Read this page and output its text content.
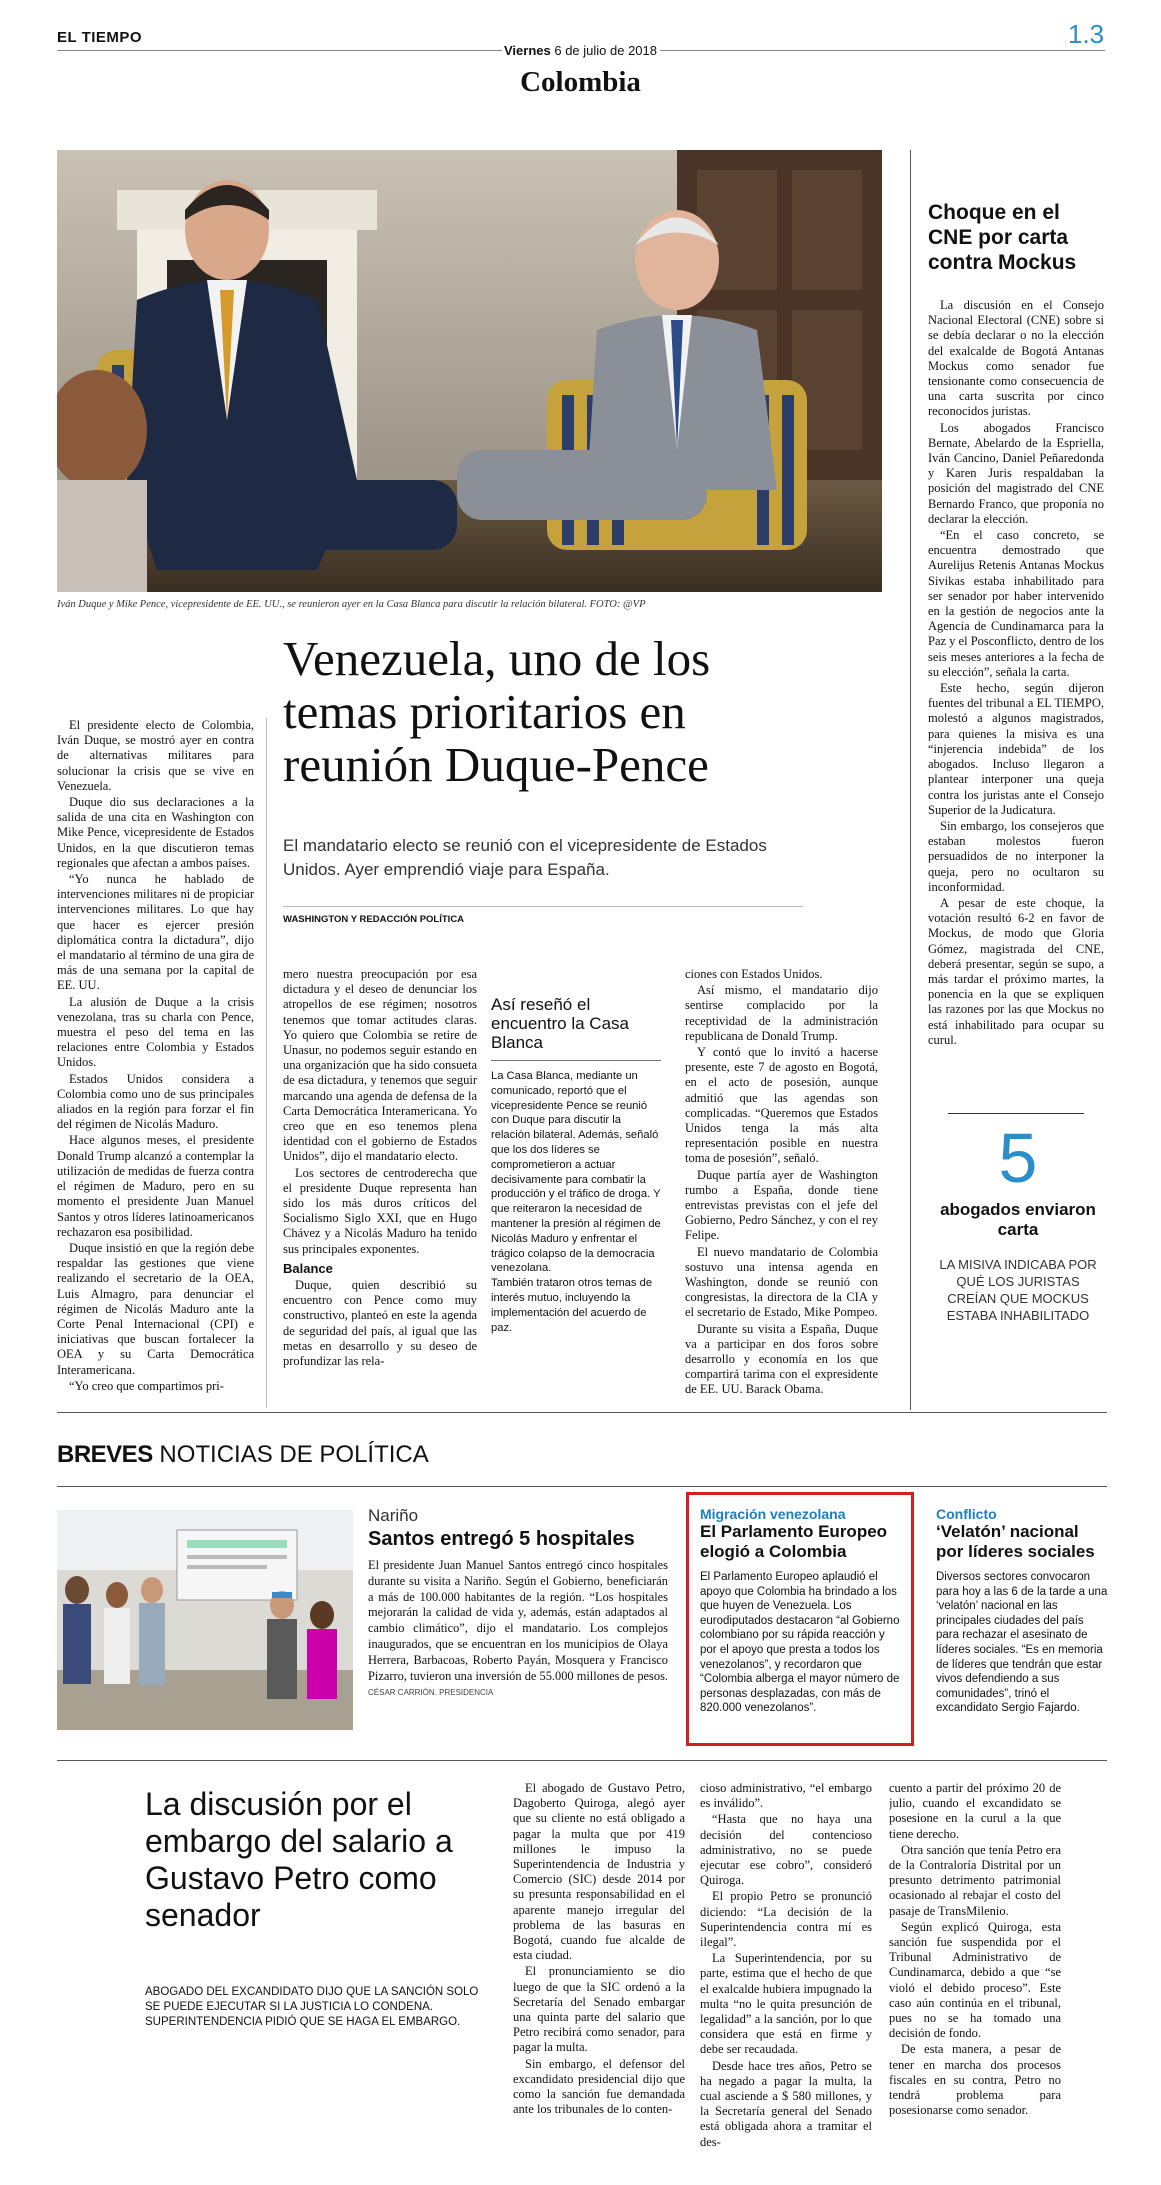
EL TIEMPO
Viernes 6 de julio de 2018
Colombia
1.3
Iván Duque y Mike Pence, vicepresidente de EE. UU., se reunieron ayer en la Casa Blanca para discutir la relación bilateral. FOTO: @VP
Venezuela, uno de los temas prioritarios en reunión Duque-Pence
El mandatario electo se reunió con el vicepresidente de Estados Unidos. Ayer emprendió viaje para España.
WASHINGTON Y REDACCIÓN POLÍTICA

El presidente electo de Colombia, Iván Duque, se mostró ayer en contra de alternativas militares para solucionar la crisis que se vive en Venezuela.

Duque dio sus declaraciones a la salida de una cita en Washington con Mike Pence, vicepresidente de Estados Unidos, en la que discutieron temas regionales que afectan a ambos países.

“Yo nunca he hablado de intervenciones militares ni de propiciar intervenciones militares. Lo que hay que hacer es ejercer presión diplomática contra la dictadura”, dijo el mandatario al término de una gira de más de una semana por la capital de EE. UU.

La alusión de Duque a la crisis venezolana, tras su charla con Pence, muestra el peso del tema en las relaciones entre Colombia y Estados Unidos.

Estados Unidos considera a Colombia como uno de sus principales aliados en la región para forzar el fin del régimen de Nicolás Maduro.

Hace algunos meses, el presidente Donald Trump alcanzó a contemplar la utilización de medidas de fuerza contra el régimen de Maduro, pero en su momento el presidente Juan Manuel Santos y otros líderes latinoamericanos rechazaron esa posibilidad.

Duque insistió en que la región debe respaldar las gestiones que viene realizando el secretario de la OEA, Luis Almagro, para denunciar el régimen de Nicolás Maduro ante la Corte Penal Internacional (CPI) e iniciativas que buscan fortalecer la OEA y su Carta Democrática Interamericana.

“Yo creo que compartimos pri-

mero nuestra preocupación por esa dictadura y el deseo de denunciar los atropellos de ese régimen; nosotros tenemos que tomar actitudes claras. Yo quiero que Colombia se retire de Unasur, no podemos seguir estando en una organización que ha sido consueta de esa dictadura, y tenemos que seguir marcando una agenda de defensa de la Carta Democrática Interamericana. Yo creo que en eso tenemos plena identidad con el gobierno de Estados Unidos”, dijo el mandatario electo.

Los sectores de centroderecha que el presidente Duque representa han sido los más duros críticos del Socialismo Siglo XXI, que en Hugo Chávez y a Nicolás Maduro ha tenido sus principales exponentes.

Balance

Duque, quien describió su encuentro con Pence como muy constructivo, planteó en este la agenda de seguridad del país, al igual que las metas en desarrollo y su deseo de profundizar las rela-

Así reseñó el encuentro la Casa Blanca
La Casa Blanca, mediante un comunicado, reportó que el vicepresidente Pence se reunió con Duque para discutir la relación bilateral. Además, señaló que los dos líderes se comprometieron a actuar decisivamente para combatir la producción y el tráfico de droga. Y que reiteraron la necesidad de mantener la presión al régimen de Nicolás Maduro y enfrentar el trágico colapso de la democracia venezolana.
También trataron otros temas de interés mutuo, incluyendo la implementación del acuerdo de paz.

ciones con Estados Unidos.

Así mismo, el mandatario dijo sentirse complacido por la receptividad de la administración republicana de Donald Trump.

Y contó que lo invitó a hacerse presente, este 7 de agosto en Bogotá, en el acto de posesión, aunque admitió que las agendas son complicadas. “Queremos que Estados Unidos tenga la más alta representación posible en nuestra toma de posesión”, señaló.

Duque partía ayer de Washington rumbo a España, donde tiene entrevistas previstas con el jefe del Gobierno, Pedro Sánchez, y con el rey Felipe.

El nuevo mandatario de Colombia sostuvo una intensa agenda en Washington, donde se reunió con congresistas, la directora de la CIA y el secretario de Estado, Mike Pompeo.

Durante su visita a España, Duque va a participar en dos foros sobre desarrollo y economía en los que compartirá tarima con el expresidente de EE. UU. Barack Obama.

Choque en el CNE por carta contra Mockus

La discusión en el Consejo Nacional Electoral (CNE) sobre si se debía declarar o no la elección del exalcalde de Bogotá Antanas Mockus como senador fue tensionante como consecuencia de una carta suscrita por cinco reconocidos juristas.

Los abogados Francisco Bernate, Abelardo de la Espriella, Iván Cancino, Daniel Peñaredonda y Karen Juris respaldaban la posición del magistrado del CNE Bernardo Franco, que proponía no declarar la elección.

“En el caso concreto, se encuentra demostrado que Aurelijus Retenis Antanas Mockus Sivikas estaba inhabilitado para ser senador por haber intervenido en la gestión de negocios ante la Agencia de Cundinamarca para la Paz y el Posconflicto, dentro de los seis meses anteriores a la fecha de su elección”, señala la carta.

Este hecho, según dijeron fuentes del tribunal a EL TIEMPO, molestó a algunos magistrados, para quienes la misiva es una “injerencia indebida” de los abogados. Incluso llegaron a plantear interponer una queja contra los juristas ante el Consejo Superior de la Judicatura.

Sin embargo, los consejeros que estaban molestos fueron persuadidos de no interponer la queja, pero no ocultaron su inconformidad.

A pesar de este choque, la votación resultó 6-2 en favor de Mockus, de modo que Gloria Gómez, magistrada del CNE, deberá presentar, según se supo, a más tardar el próximo martes, la ponencia en la que se expliquen las razones por las que Mockus no está inhabilitado para ocupar su curul.

5
abogados enviaron carta
LA MISIVA INDICABA POR QUÉ LOS JURISTAS CREÍAN QUE MOCKUS ESTABA INHABILITADO
BREVES NOTICIAS DE POLÍTICA
Nariño
Santos entregó 5 hospitales
El presidente Juan Manuel Santos entregó cinco hospitales durante su visita a Nariño. Según el Gobierno, beneficiarán a más de 100.000 habitantes de la región. “Los hospitales mejorarán la calidad de vida y, además, están adaptados al cambio climático”, dijo el mandatario. Los complejos inaugurados, que se encuentran en los municipios de Olaya Herrera, Barbacoas, Roberto Payán, Mosquera y Francisco Pizarro, tuvieron una inversión de 55.000 millones de pesos. CÉSAR CARRIÓN. PRESIDENCIA
Migración venezolana
El Parlamento Europeo elogió a Colombia
El Parlamento Europeo aplaudió el apoyo que Colombia ha brindado a los que huyen de Venezuela. Los eurodiputados destacaron “al Gobierno colombiano por su rápida reacción y por el apoyo que presta a todos los venezolanos”, y recordaron que “Colombia alberga el mayor número de personas desplazadas, con más de 820.000 venezolanos”.
Conflicto
‘Velatón’ nacional por líderes sociales
Diversos sectores convocaron para hoy a las 6 de la tarde a una ‘velatón’ nacional en las principales ciudades del país para rechazar el asesinato de líderes sociales. “Es en memoria de líderes que tendrán que estar vivos defendiendo a sus comunidades”, trinó el excandidato Sergio Fajardo.
La discusión por el embargo del salario a Gustavo Petro como senador
ABOGADO DEL EXCANDIDATO DIJO QUE LA SANCIÓN SOLO SE PUEDE EJECUTAR SI LA JUSTICIA LO CONDENA. SUPERINTENDENCIA PIDIÓ QUE SE HAGA EL EMBARGO.

El abogado de Gustavo Petro, Dagoberto Quiroga, alegó ayer que su cliente no está obligado a pagar la multa que por 419 millones le impuso la Superintendencia de Industria y Comercio (SIC) desde 2014 por su presunta responsabilidad en el aparente manejo irregular del problema de las basuras en Bogotá, cuando fue alcalde de esta ciudad.

El pronunciamiento se dio luego de que la SIC ordenó a la Secretaría del Senado embargar una quinta parte del salario que Petro recibirá como senador, para pagar la multa.

Sin embargo, el defensor del excandidato presidencial dijo que como la sanción fue demandada ante los tribunales de lo conten-

cioso administrativo, “el embargo es inválido”.

“Hasta que no haya una decisión del contencioso administrativo, no se puede ejecutar ese cobro”, consideró Quiroga.

El propio Petro se pronunció diciendo: “La decisión de la Superintendencia contra mí es ilegal”.

La Superintendencia, por su parte, estima que el hecho de que el exalcalde hubiera impugnado la multa “no le quita presunción de legalidad” a la sanción, por lo que considera que está en firme y debe ser recaudada.

Desde hace tres años, Petro se ha negado a pagar la multa, la cual asciende a $ 580 millones, y la Secretaría general del Senado está obligada ahora a tramitar el des-

cuento a partir del próximo 20 de julio, cuando el excandidato se posesione en la curul a la que tiene derecho.

Otra sanción que tenía Petro era de la Contraloría Distrital por un presunto detrimento patrimonial ocasionado al rebajar el costo del pasaje de TransMilenio.

Según explicó Quiroga, esta sanción fue suspendida por el Tribunal Administrativo de Cundinamarca, debido a que “se violó el debido proceso”. Este caso aún continúa en el tribunal, pues no se ha tomado una decisión de fondo.

De esta manera, a pesar de tener en marcha dos procesos fiscales en su contra, Petro no tendrá problema para posesionarse como senador.
